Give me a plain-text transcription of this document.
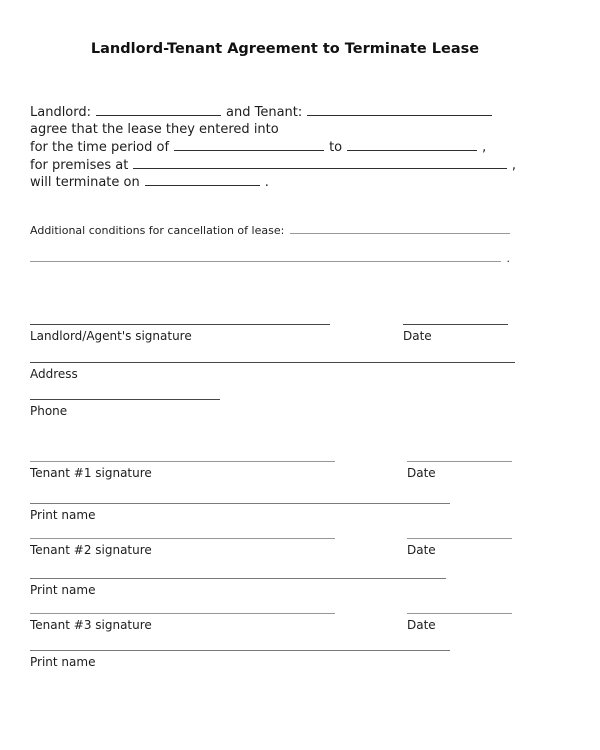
Landlord-Tenant Agreement to Terminate Lease
Landlord:	and Tenant:
agree that the lease they entered into
for the time period of	to	,
for premises at	,
will terminate on	.
Additional conditions for cancellation of lease:
.
Landlord/Agent's signature	Date
Address
Phone
Tenant #1 signature	Date
Print name
Tenant #2 signature	Date
Print name
Tenant #3 signature	Date
Print name
